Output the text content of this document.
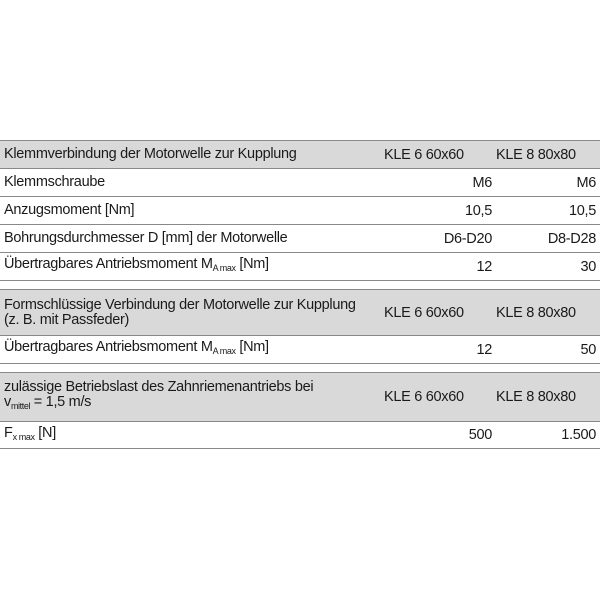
Klemmverbindung der Motorwelle zur Kupplung	KLE 6 60x60	KLE 8 80x80
Klemmschraube	M6	M6
Anzugsmoment [Nm]	10,5	10,5
Bohrungsdurchmesser D [mm] der Motorwelle	D6-D20	D8-D28
Übertragbares Antriebsmoment $M_{A max}$ [Nm]	12	30
Formschlüssige Verbindung der Motorwelle zur Kupplung
(z. B. mit Passfeder)	KLE 6 60x60	KLE 8 80x80
Übertragbares Antriebsmoment $M_{A max}$ [Nm]	12	50
zulässige Betriebslast des Zahnriemenantriebs bei
$v_{mittel} = 1,5$ m/s	KLE 6 60x60	KLE 8 80x80
$F_{x max}$ [N]	500	1.500
